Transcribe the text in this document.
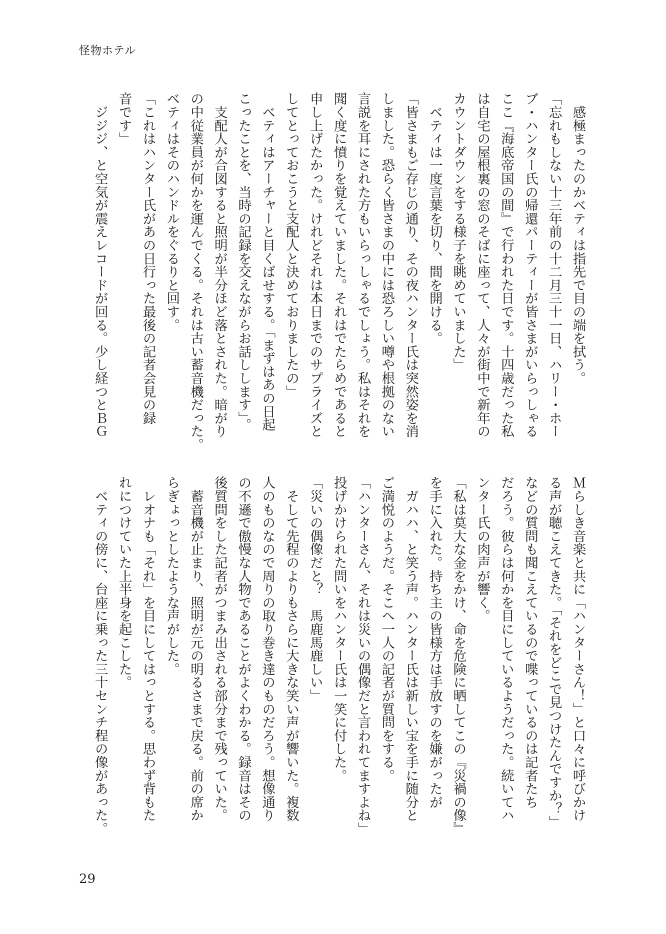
怪物ホテル
　感極まったのかベティは指先で目の端を拭う。
「忘れもしない十三年前の十二月三十一日、ハリー・ホー
ブ・ハンター氏の帰還パーティーが皆さまがいらっしゃる
ここ『海底帝国の間』で行われた日です。十四歳だった私
は自宅の屋根裏の窓のそばに座って、人々が街中で新年の
カウントダウンをする様子を眺めていました」
　ベティは一度言葉を切り、間を開ける。
「皆さまもご存じの通り、その夜ハンター氏は突然姿を消
しました。恐らく皆さまの中には恐ろしい噂や根拠のない
言説を耳にされた方もいらっしゃるでしょう。私はそれを
聞く度に憤りを覚えていました。それはでたらめであると
申し上げたかった。けれどそれは本日までのサプライズと
してとっておこうと支配人と決めておりましたの」
　ベティはアーチャーと目くばせする。「まずはあの日起
こったことを、当時の記録を交えながらお話しします」。
　支配人が合図すると照明が半分ほど落とされた。暗がり
の中従業員が何かを運んでくる。それは古い蓄音機だった。
ベティはそのハンドルをぐるりと回す。
「これはハンター氏があの日行った最後の記者会見の録
音です」
　ジジジ、と空気が震えレコードが回る。少し経つとＢＧ
Ｍらしき音楽と共に「ハンターさん！」と口々に呼びかけ
る声が聴こえてきた。「それをどこで見つけたんですか？」
などの質問も聞こえているので喋っているのは記者たち
だろう。彼らは何かを目にしているようだった。続いてハ
ンター氏の肉声が響く。
「私は莫大な金をかけ、命を危険に晒してこの『災禍の像』
を手に入れた。持ち主の皆様方は手放すのを嫌がったが
　ガハハ、と笑う声。ハンター氏は新しい宝を手に随分と
ご満悦のようだ。そこへ一人の記者が質問をする。
「ハンターさん、それは災いの偶像だと言われてますよね」
投げかけられた問いをハンター氏は一笑に付した。
「災いの偶像だと？　馬鹿馬鹿しい」
　そして先程のよりもさらに大きな笑い声が響いた。複数
人のものなので周りの取り巻き達のものだろう。想像通り
の不遜で傲慢な人物であることがよくわかる。録音はその
後質問をした記者がつまみ出される部分まで残っていた。
　蓄音機が止まり、照明が元の明るさまで戻る。前の席か
らぎょっとしたような声がした。
　レオナも「それ」を目にしてはっとする。思わず背もた
れにつけていた上半身を起こした。
　ベティの傍に、台座に乗った三十センチ程の像があった。
29
